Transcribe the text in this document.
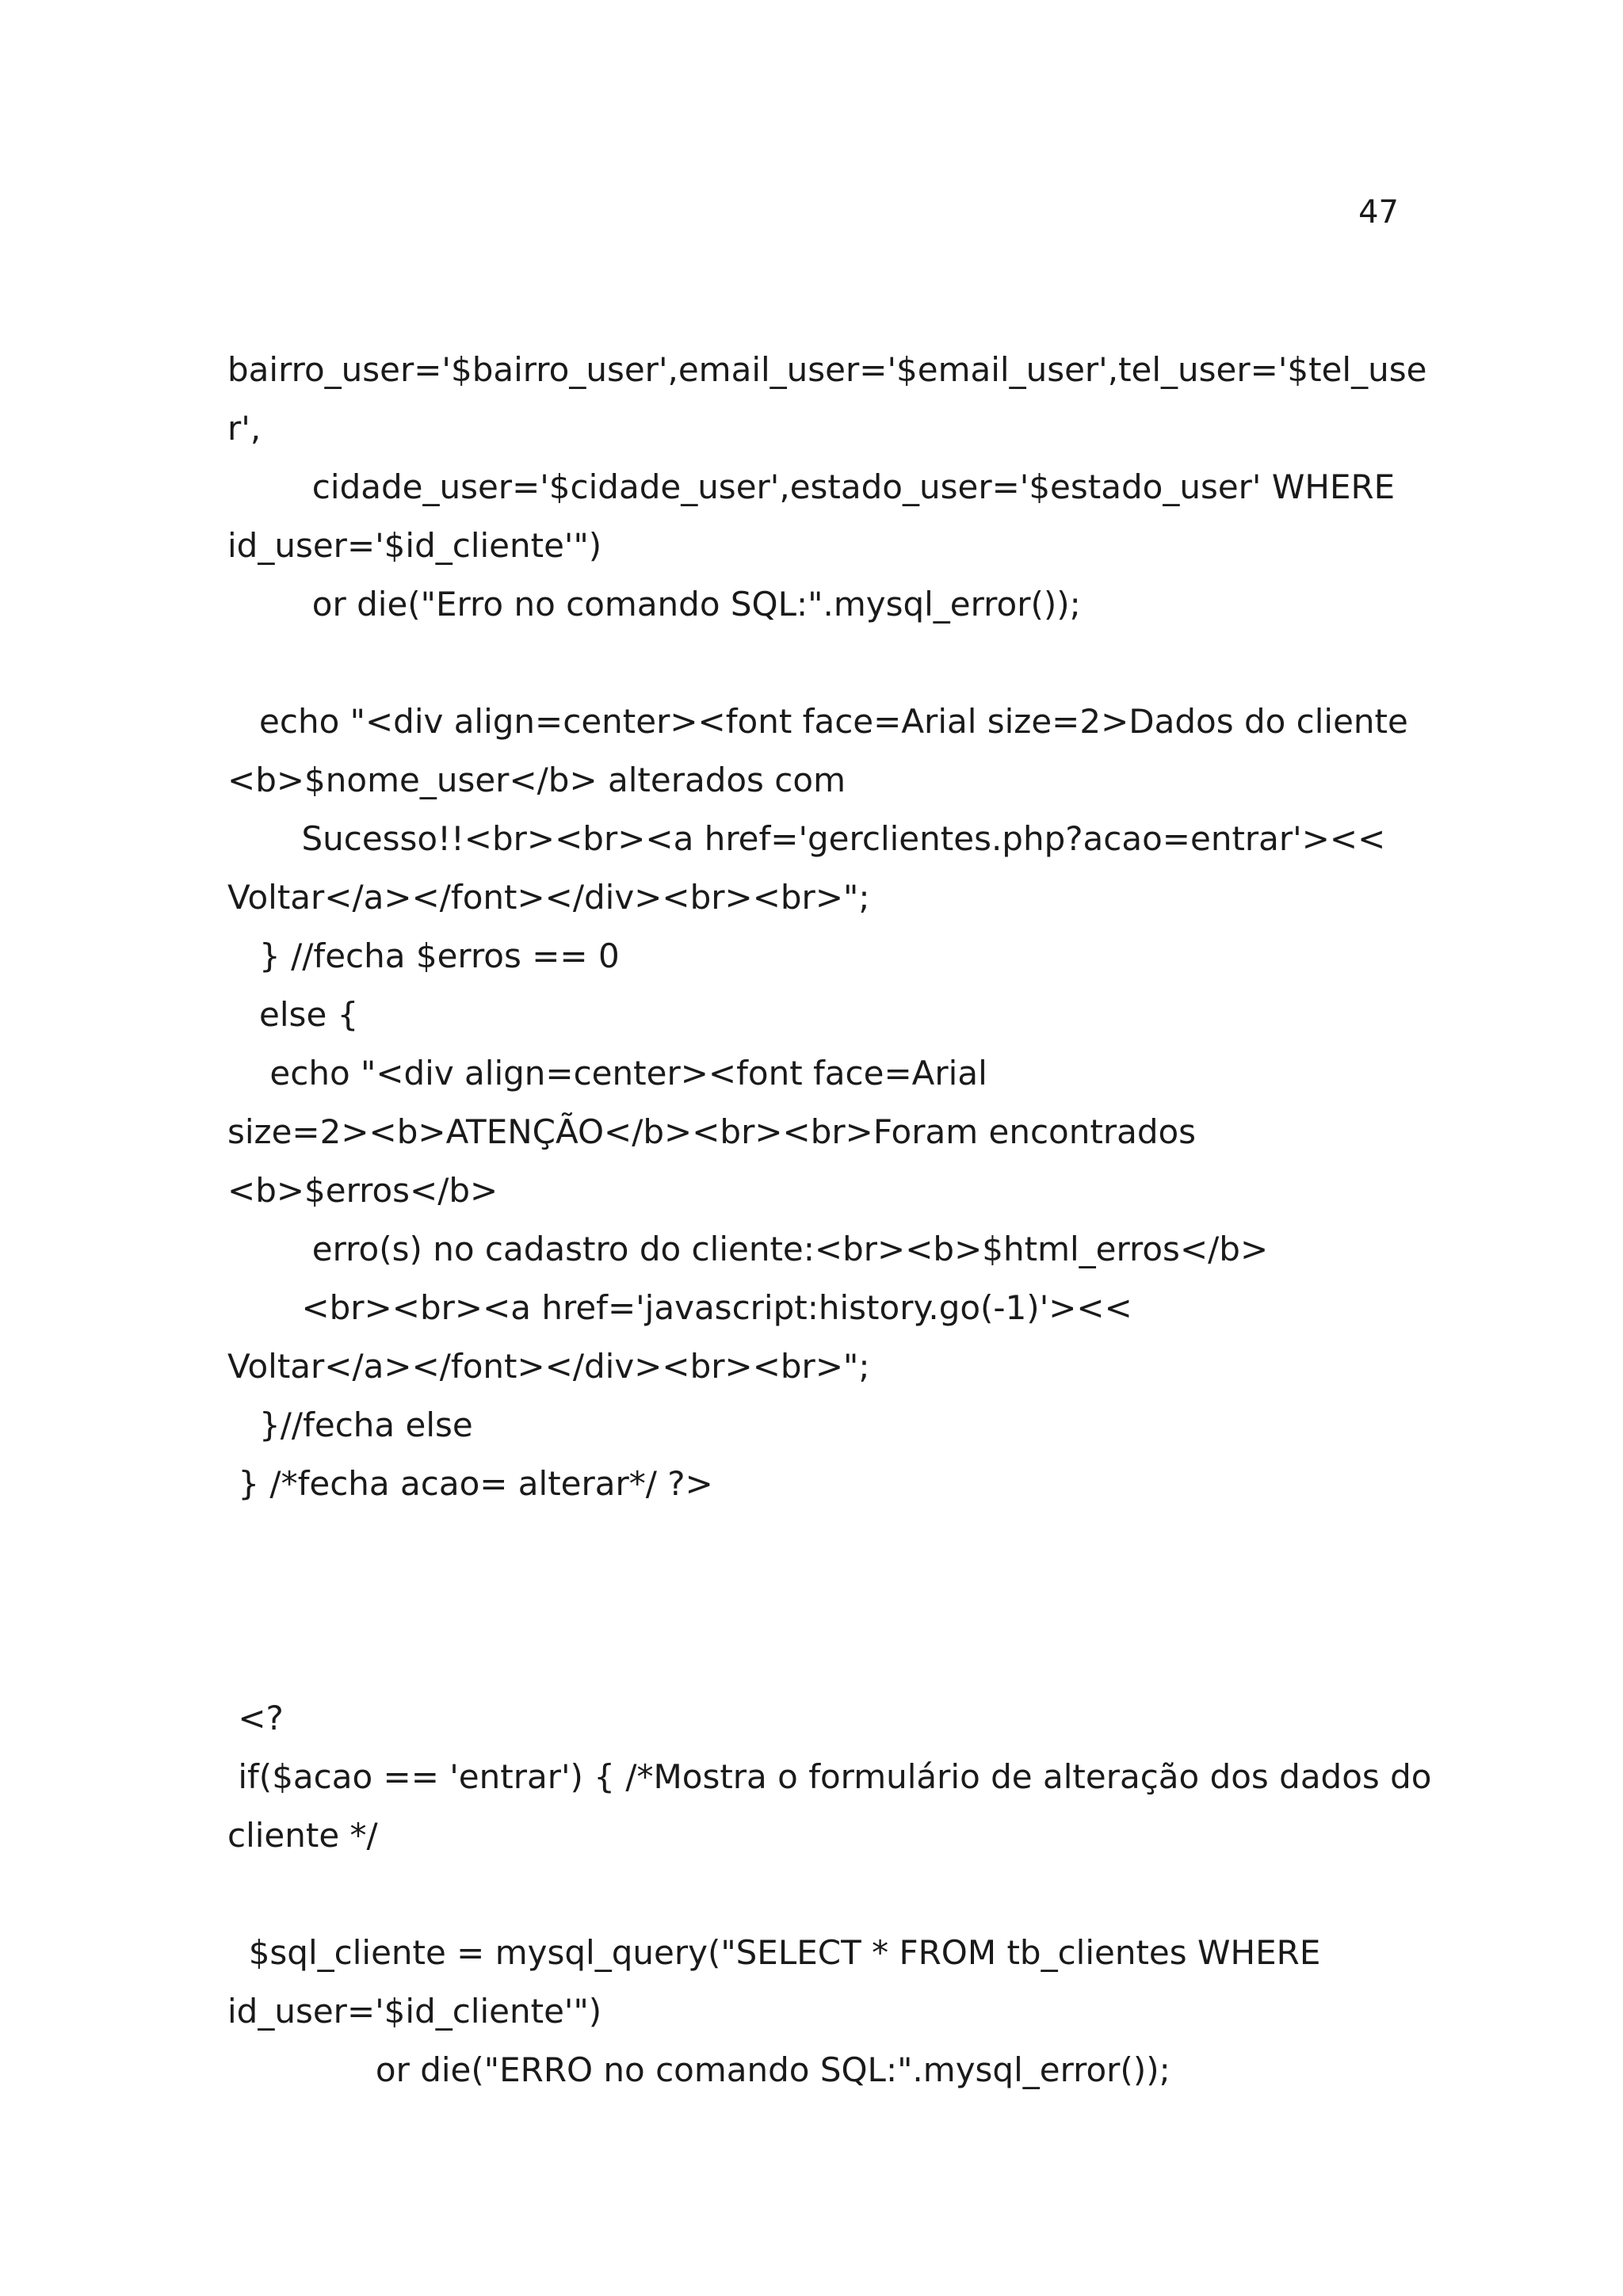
47
bairro_user='$bairro_user',email_user='$email_user',tel_user='$tel_use
r',
cidade_user='$cidade_user',estado_user='$estado_user' WHERE
id_user='$id_cliente'")
or die("Erro no comando SQL:".mysql_error());
echo "<div align=center><font face=Arial size=2>Dados do cliente
<b>$nome_user</b> alterados com
Sucesso!!<br><br><a href='gerclientes.php?acao=entrar'><<
Voltar</a></font></div><br><br>";
} //fecha $erros == 0
else {
echo "<div align=center><font face=Arial
size=2><b>ATENÇÃO</b><br><br>Foram encontrados
<b>$erros</b>
erro(s) no cadastro do cliente:<br><b>$html_erros</b>
<br><br><a href='javascript:history.go(-1)'><<
Voltar</a></font></div><br><br>";
}//fecha else
} /*fecha acao= alterar*/ ?>
<?
if($acao == 'entrar') { /*Mostra o formulário de alteração dos dados do
cliente */
$sql_cliente = mysql_query("SELECT * FROM tb_clientes WHERE
id_user='$id_cliente'")
or die("ERRO no comando SQL:".mysql_error());
